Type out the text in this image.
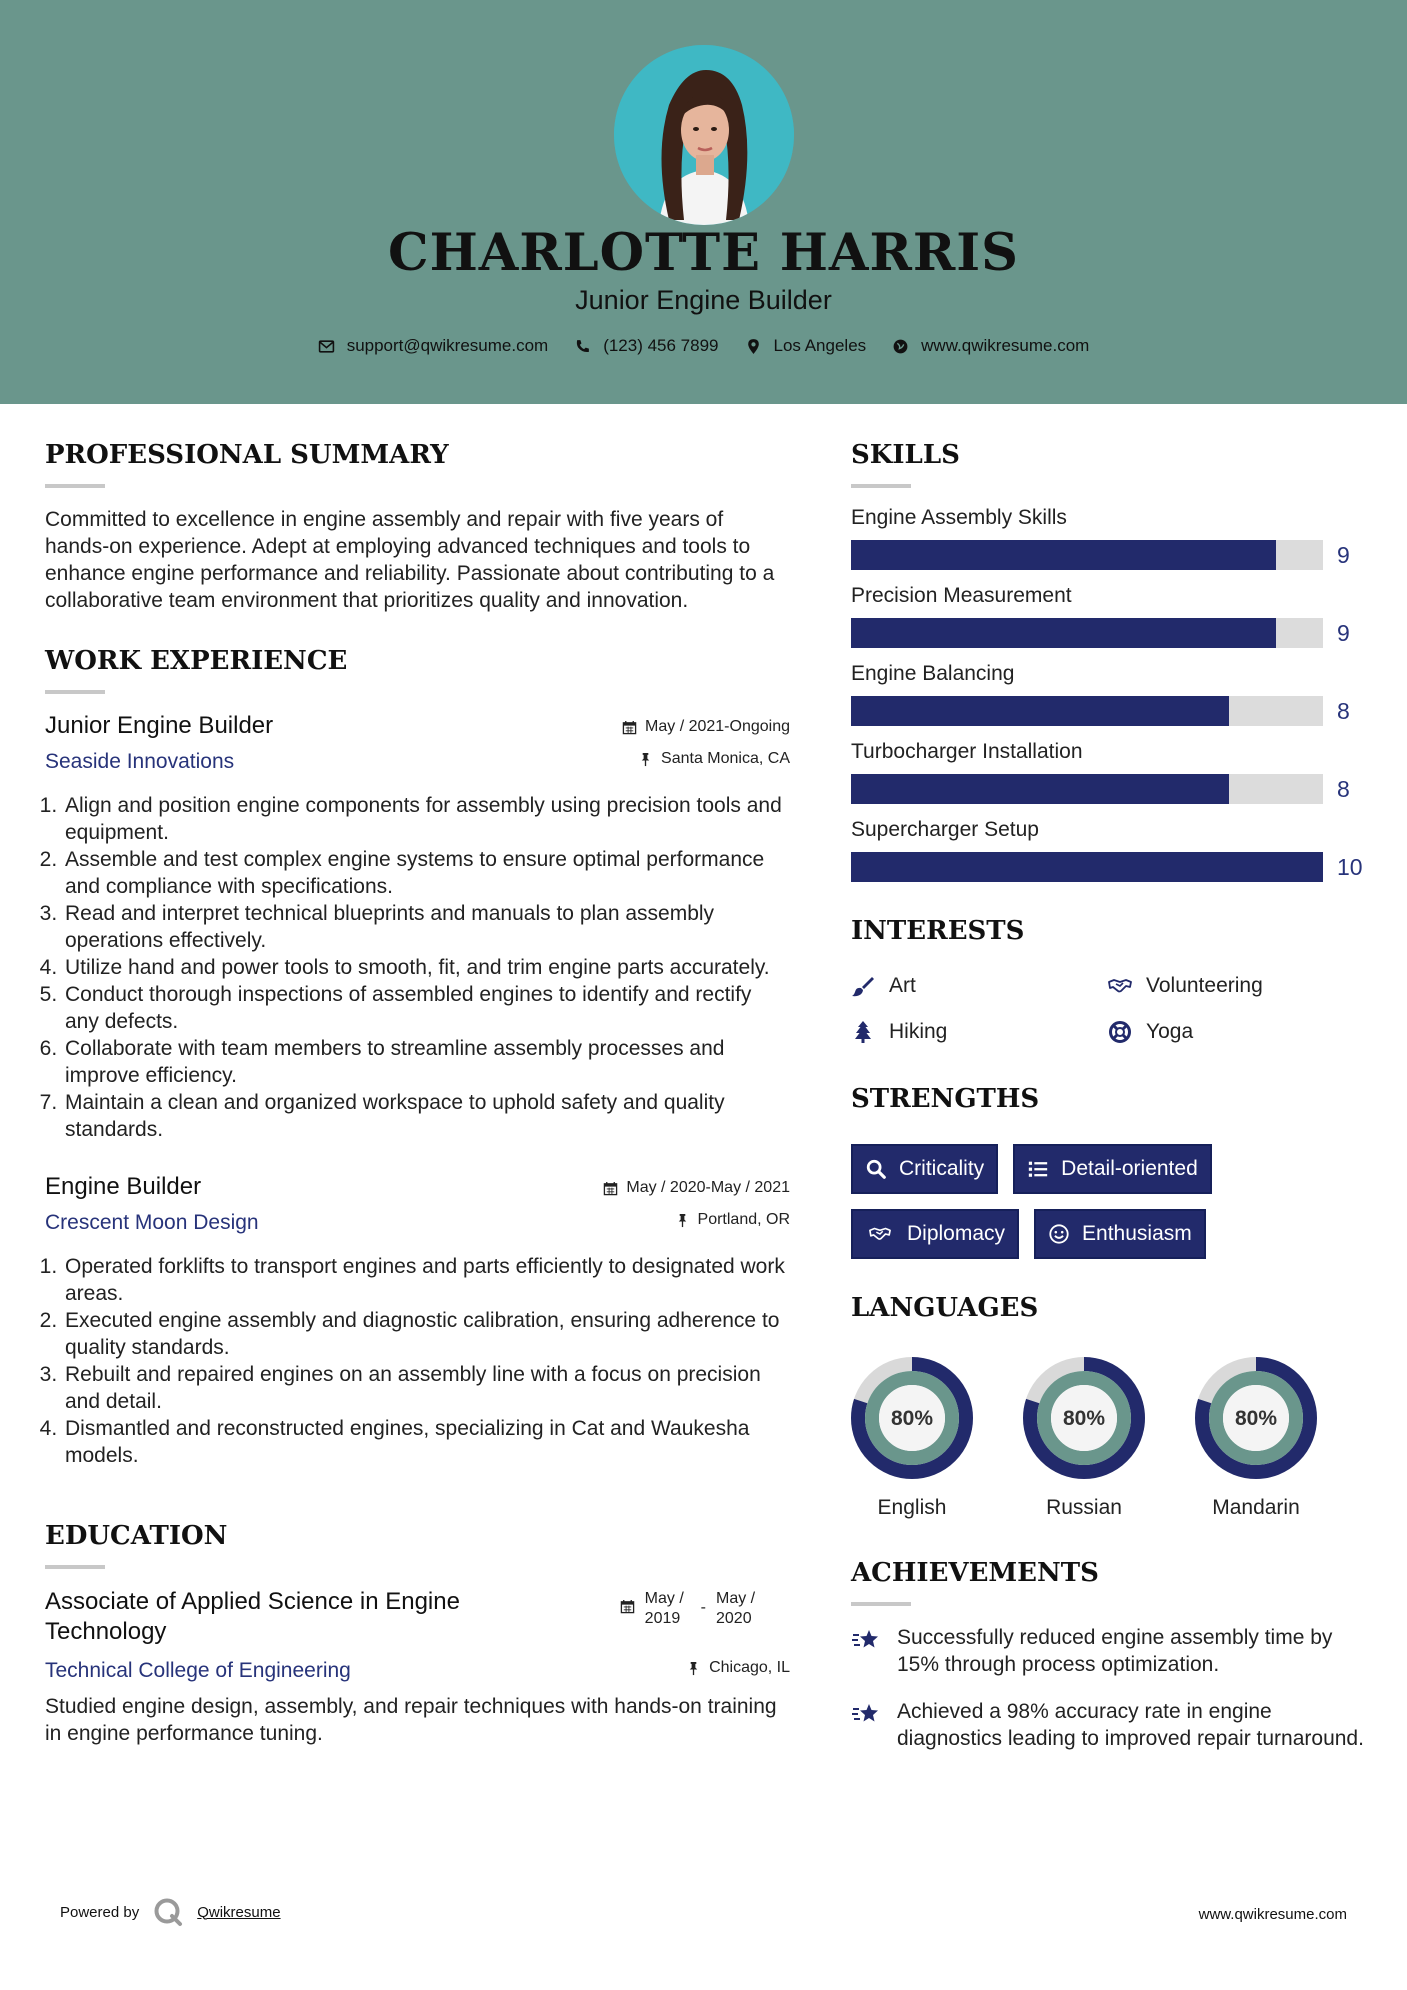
CHARLOTTE HARRIS
Junior Engine Builder
support@qwikresume.com	(123) 456 7899	Los Angeles	www.qwikresume.com
PROFESSIONAL SUMMARY

Committed to excellence in engine assembly and repair with five years of hands-on experience. Adept at employing advanced techniques and tools to enhance engine performance and reliability. Passionate about contributing to a collaborative team environment that prioritizes quality and innovation.

WORK EXPERIENCE
Junior Engine Builder	May / 2021-Ongoing
Seaside Innovations	Santa Monica, CA
1. Align and position engine components for assembly using precision tools and equipment.
2. Assemble and test complex engine systems to ensure optimal performance and compliance with specifications.
3. Read and interpret technical blueprints and manuals to plan assembly operations effectively.
4. Utilize hand and power tools to smooth, fit, and trim engine parts accurately.
5. Conduct thorough inspections of assembled engines to identify and rectify any defects.
6. Collaborate with team members to streamline assembly processes and improve efficiency.
7. Maintain a clean and organized workspace to uphold safety and quality standards.
Engine Builder	May / 2020-May / 2021
Crescent Moon Design	Portland, OR
1. Operated forklifts to transport engines and parts efficiently to designated work areas.
2. Executed engine assembly and diagnostic calibration, ensuring adherence to quality standards.
3. Rebuilt and repaired engines on an assembly line with a focus on precision and detail.
4. Dismantled and reconstructed engines, specializing in Cat and Waukesha models.
EDUCATION
Associate of Applied Science in Engine Technology
May / 2019
-
May / 2020
Technical College of Engineering	Chicago, IL

Studied engine design, assembly, and repair techniques with hands-on training in engine performance tuning.

SKILLS
Engine Assembly Skills
9
Precision Measurement
9
Engine Balancing
8
Turbocharger Installation
8
Supercharger Setup
10
INTERESTS
Art	Volunteering
Hiking	Yoga
STRENGTHS
Criticality	Detail-oriented
Diplomacy	Enthusiasm
LANGUAGES
80%
English
80%
Russian
80%
Mandarin
ACHIEVEMENTS
Successfully reduced engine assembly time by 15% through process optimization.
Achieved a 98% accuracy rate in engine diagnostics leading to improved repair turnaround.
Powered by	Qwikresume	www.qwikresume.com
